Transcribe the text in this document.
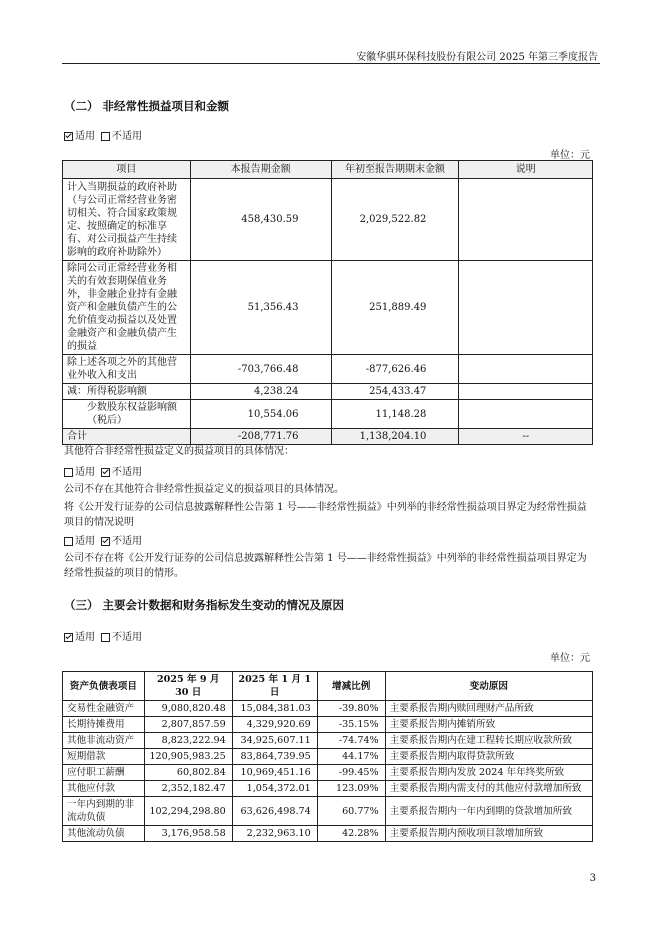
安徽华骐环保科技股份有限公司 2025 年第三季度报告
（二） 非经常性损益项目和金额
适用	不适用
单位：元
项目	本报告期金额	年初至报告期期末金额	说明
计入当期损益的政府补助（与公司正常经营业务密切相关、符合国家政策规定、按照确定的标准享有、对公司损益产生持续影响的政府补助除外）	458,430.59	2,029,522.82	
除同公司正常经营业务相关的有效套期保值业务外，非金融企业持有金融资产和金融负债产生的公允价值变动损益以及处置金融资产和金融负债产生的损益	51,356.43	251,889.49	
除上述各项之外的其他营业外收入和支出	-703,766.48	-877,626.46	
减：所得税影响额	4,238.24	254,433.47	
少数股东权益影响额（税后）	10,554.06	11,148.28	
合计	-208,771.76	1,138,204.10	--
其他符合非经常性损益定义的损益项目的具体情况：
适用	不适用
公司不存在其他符合非经常性损益定义的损益项目的具体情况。
将《公开发行证券的公司信息披露解释性公告第 1 号——非经常性损益》中列举的非经常性损益项目界定为经常性损益项目的情况说明
适用	不适用
公司不存在将《公开发行证券的公司信息披露解释性公告第 1 号——非经常性损益》中列举的非经常性损益项目界定为经常性损益的项目的情形。
（三） 主要会计数据和财务指标发生变动的情况及原因
适用	不适用
单位：元
资产负债表项目	2025 年 9 月 30 日	2025 年 1 月 1 日	增减比例	变动原因
交易性金融资产	9,080,820.48	15,084,381.03	-39.80%	主要系报告期内赎回理财产品所致
长期待摊费用	2,807,857.59	4,329,920.69	-35.15%	主要系报告期内摊销所致
其他非流动资产	8,823,222.94	34,925,607.11	-74.74%	主要系报告期内在建工程转长期应收款所致
短期借款	120,905,983.25	83,864,739.95	44.17%	主要系报告期内取得贷款所致
应付职工薪酬	60,802.84	10,969,451.16	-99.45%	主要系报告期内发放 2024 年年终奖所致
其他应付款	2,352,182.47	1,054,372.01	123.09%	主要系报告期内需支付的其他应付款增加所致
一年内到期的非流动负债	102,294,298.80	63,626,498.74	60.77%	主要系报告期内一年内到期的贷款增加所致
其他流动负债	3,176,958.58	2,232,963.10	42.28%	主要系报告期内预收项目款增加所致
3
